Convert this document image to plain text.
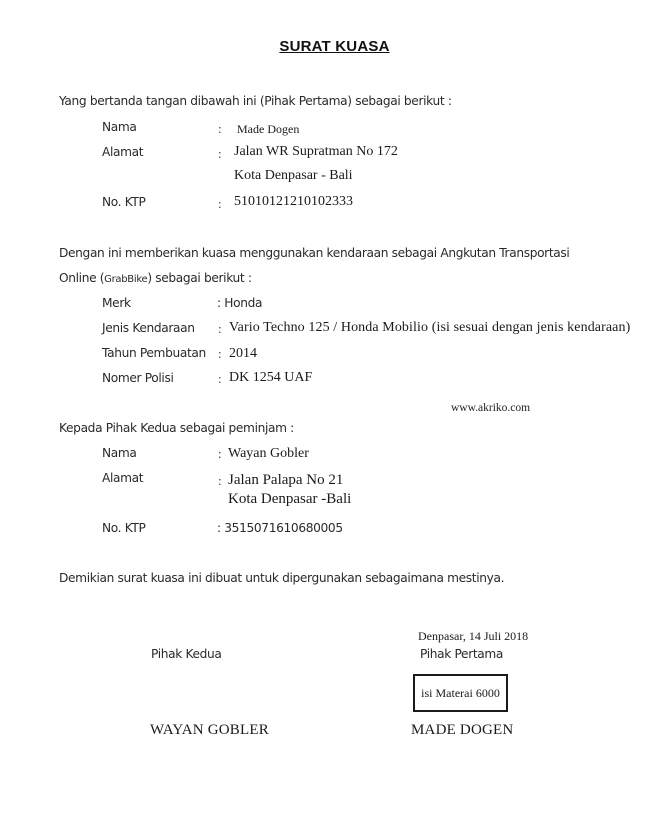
SURAT KUASA
Yang bertanda tangan dibawah ini (Pihak Pertama) sebagai berikut :
Nama	: Made Dogen
Alamat	: Jalan WR Supratman No 172
Kota Denpasar - Bali
No. KTP	: 51010121210102333
Dengan ini memberikan kuasa menggunakan kendaraan sebagai Angkutan Transportasi
Online (GrabBike) sebagai berikut :
Merk	: Honda
Jenis Kendaraan : Vario Techno 125 / Honda Mobilio (isi sesuai dengan jenis kendaraan)
Tahun Pembuatan : 2014
Nomer Polisi	: DK 1254 UAF
www.akriko.com
Kepada Pihak Kedua sebagai peminjam :
Nama	: Wayan Gobler
Alamat	: Jalan Palapa No 21
Kota Denpasar -Bali
No. KTP	: 3515071610680005
Demikian surat kuasa ini dibuat untuk dipergunakan sebagaimana mestinya.
Denpasar, 14 Juli 2018
Pihak Kedua	Pihak Pertama
isi Materai 6000
WAYAN GOBLER	MADE DOGEN
